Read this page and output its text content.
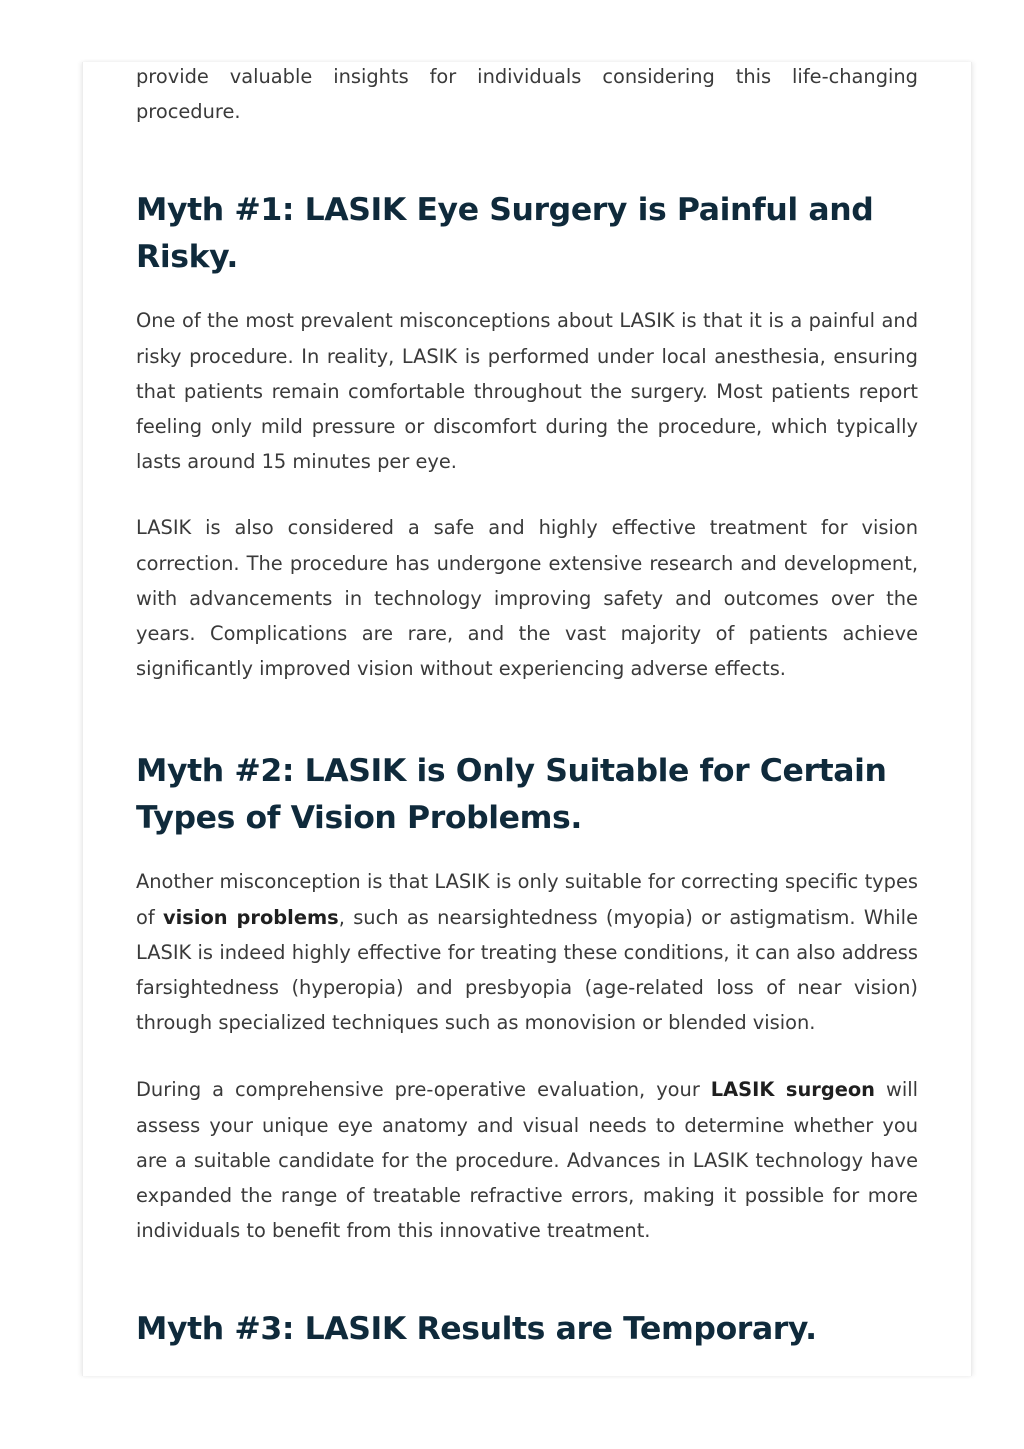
provide valuable insights for individuals considering this life-changing procedure.

Myth #1: LASIK Eye Surgery is Painful and Risky.

One of the most prevalent misconceptions about LASIK is that it is a painful and risky procedure. In reality, LASIK is performed under local anesthesia, ensuring that patients remain comfortable throughout the surgery. Most patients report feeling only mild pressure or discomfort during the procedure, which typically lasts around 15 minutes per eye.

LASIK is also considered a safe and highly effective treatment for vision correction. The procedure has undergone extensive research and development, with advancements in technology improving safety and outcomes over the years. Complications are rare, and the vast majority of patients achieve significantly improved vision without experiencing adverse effects.

Myth #2: LASIK is Only Suitable for Certain Types of Vision Problems.

Another misconception is that LASIK is only suitable for correcting specific types of vision problems, such as nearsightedness (myopia) or astigmatism. While LASIK is indeed highly effective for treating these conditions, it can also address farsightedness (hyperopia) and presbyopia (age-related loss of near vision) through specialized techniques such as monovision or blended vision.

During a comprehensive pre-operative evaluation, your LASIK surgeon will assess your unique eye anatomy and visual needs to determine whether you are a suitable candidate for the procedure. Advances in LASIK technology have expanded the range of treatable refractive errors, making it possible for more individuals to benefit from this innovative treatment.

Myth #3: LASIK Results are Temporary.
